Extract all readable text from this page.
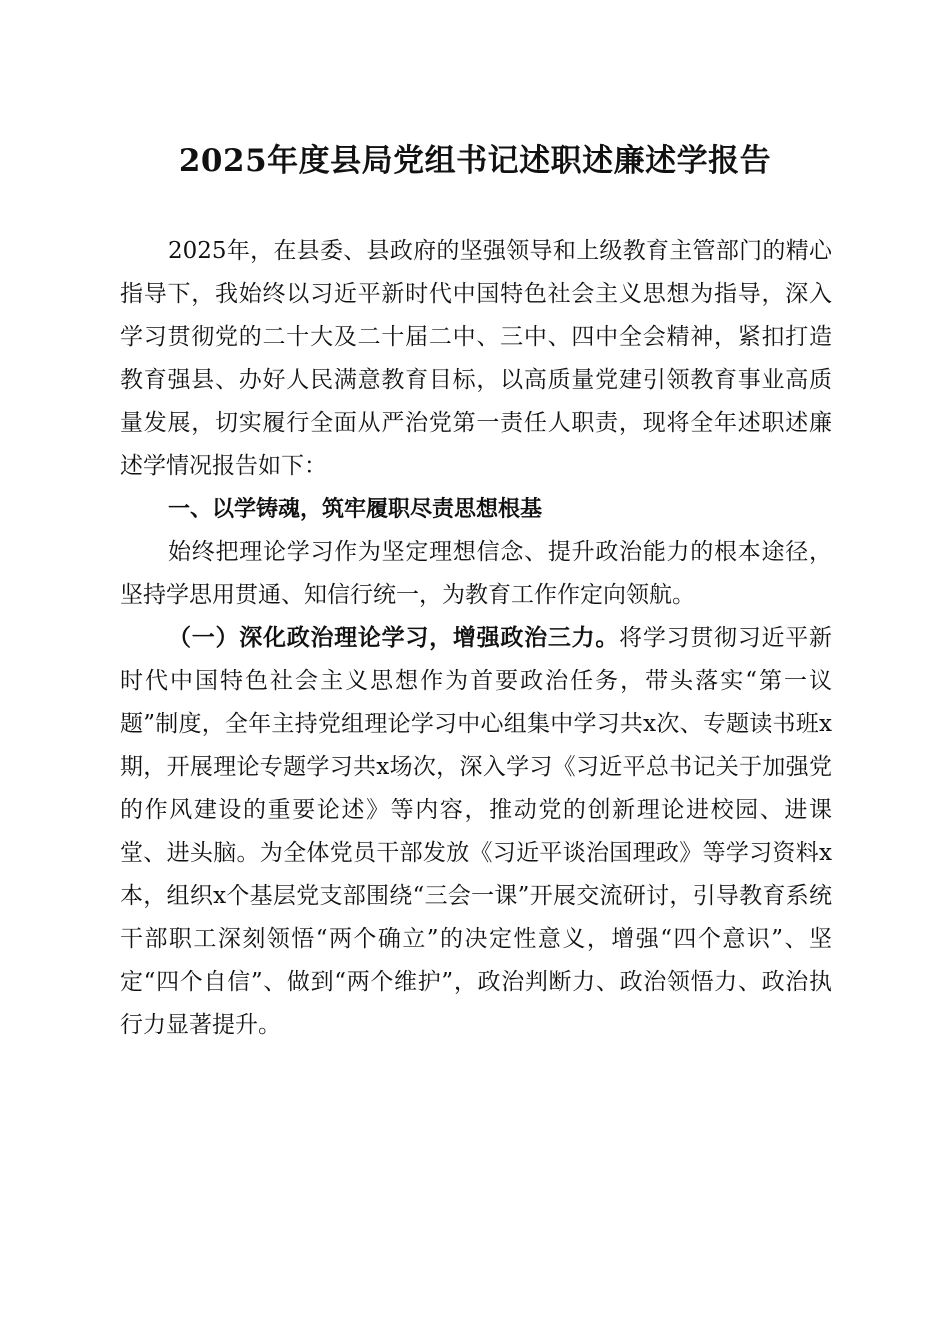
2025年度县局党组书记述职述廉述学报告

2025年，在县委、县政府的坚强领导和上级教育主管部门的精心指导下，我始终以习近平新时代中国特色社会主义思想为指导，深入学习贯彻党的二十大及二十届二中、三中、四中全会精神，紧扣打造教育强县、办好人民满意教育目标，以高质量党建引领教育事业高质量发展，切实履行全面从严治党第一责任人职责，现将全年述职述廉述学情况报告如下：

一、以学铸魂，筑牢履职尽责思想根基

始终把理论学习作为坚定理想信念、提升政治能力的根本途径，坚持学思用贯通、知信行统一，为教育工作作定向领航。

（一）深化政治理论学习，增强政治三力。将学习贯彻习近平新时代中国特色社会主义思想作为首要政治任务，带头落实“第一议题”制度，全年主持党组理论学习中心组集中学习共x次、专题读书班x期，开展理论专题学习共x场次，深入学习《习近平总书记关于加强党的作风建设的重要论述》等内容，推动党的创新理论进校园、进课堂、进头脑。为全体党员干部发放《习近平谈治国理政》等学习资料x本，组织x个基层党支部围绕“三会一课”开展交流研讨，引导教育系统干部职工深刻领悟“两个确立”的决定性意义，增强“四个意识”、坚定“四个自信”、做到“两个维护”，政治判断力、政治领悟力、政治执行力显著提升。
